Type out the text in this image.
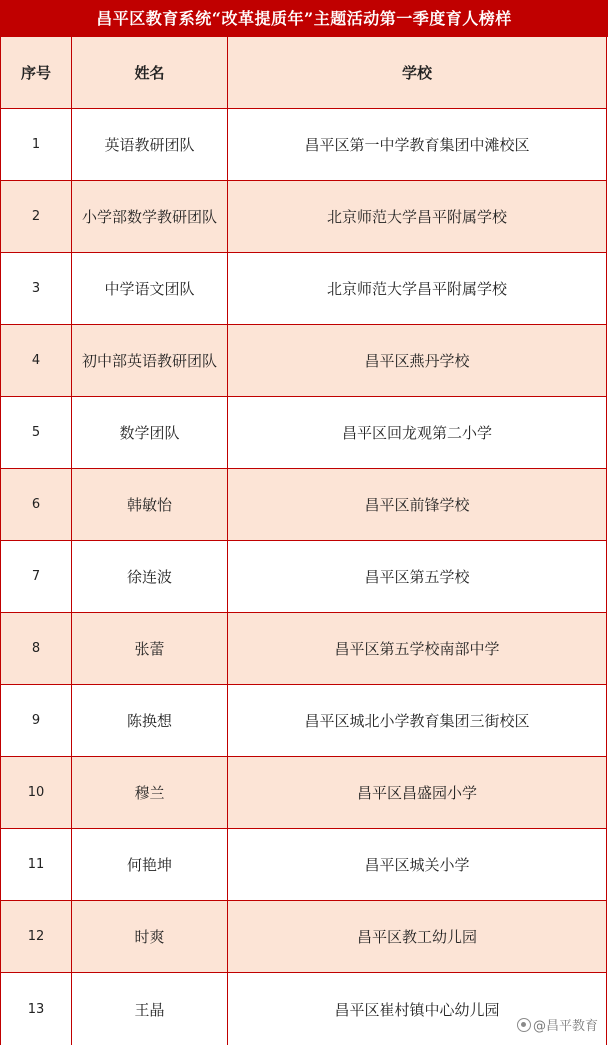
昌平区教育系统“改革提质年”主题活动第一季度育人榜样
序号	姓名	学校
1	英语教研团队	昌平区第一中学教育集团中滩校区
2	小学部数学教研团队	北京师范大学昌平附属学校
3	中学语文团队	北京师范大学昌平附属学校
4	初中部英语教研团队	昌平区燕丹学校
5	数学团队	昌平区回龙观第二小学
6	韩敏怡	昌平区前锋学校
7	徐连波	昌平区第五学校
8	张蕾	昌平区第五学校南部中学
9	陈换想	昌平区城北小学教育集团三街校区
10	穆兰	昌平区昌盛园小学
11	何艳坤	昌平区城关小学
12	时爽	昌平区教工幼儿园
13	王晶	昌平区崔村镇中心幼儿园
@昌平教育
